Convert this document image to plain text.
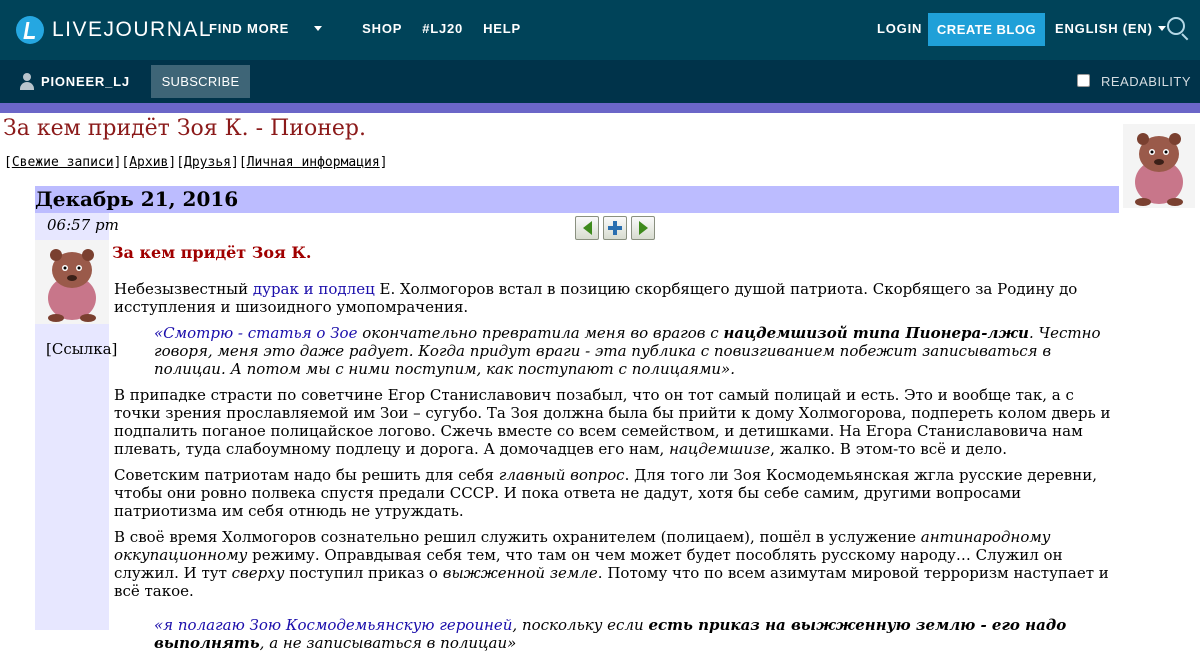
LIVEJOURNAL
FIND MORE	SHOP #LJ20 HELP	LOGIN	CREATE BLOG	ENGLISH (EN)
PIONEER_LJ	SUBSCRIBE	READABILITY
За кем придёт Зоя К. - Пионер.
[Свежие записи][Архив][Друзья][Личная информация]
Декабрь 21, 2016
06:57 pm
[Ссылка]
За кем придёт Зоя К.

Небезызвестный дурак и подлец Е. Холмогоров встал в позицию скорбящего душой патриота. Скорбящего за Родину до исступления и шизоидного умопомрачения.

«Смотрю - статья о Зое окончательно превратила меня во врагов с нацдемшизой типа Пионера-лжи. Честно говоря, меня это даже радует. Когда придут враги - эта публика с повизгиванием побежит записываться в полицаи. А потом мы с ними поступим, как поступают с полицаями».

В припадке страсти по советчине Егор Станиславович позабыл, что он тот самый полицай и есть. Это и вообще так, а с точки зрения прославляемой им Зои – сугубо. Та Зоя должна была бы прийти к дому Холмогорова, подпереть колом дверь и подпалить поганое полицайское логово. Сжечь вместе со всем семейством, и детишками. На Егора Станиславовича нам плевать, туда слабоумному подлецу и дорога. А домочадцев его нам, нацдемшизе, жалко. В этом-то всё и дело.

Советским патриотам надо бы решить для себя главный вопрос. Для того ли Зоя Космодемьянская жгла русские деревни, чтобы они ровно полвека спустя предали СССР. И пока ответа не дадут, хотя бы себе самим, другими вопросами патриотизма им себя отнюдь не утруждать.

В своё время Холмогоров сознательно решил служить охранителем (полицаем), пошёл в услужение антинародному оккупационному режиму. Оправдывая себя тем, что там он чем может будет пособлять русскому народу… Служил он служил. И тут сверху поступил приказ о выжженной земле. Потому что по всем азимутам мировой терроризм наступает и всё такое.

«я полагаю Зою Космодемьянскую героиней, поскольку если есть приказ на выжженную землю - его надо выполнять, а не записываться в полицаи»
